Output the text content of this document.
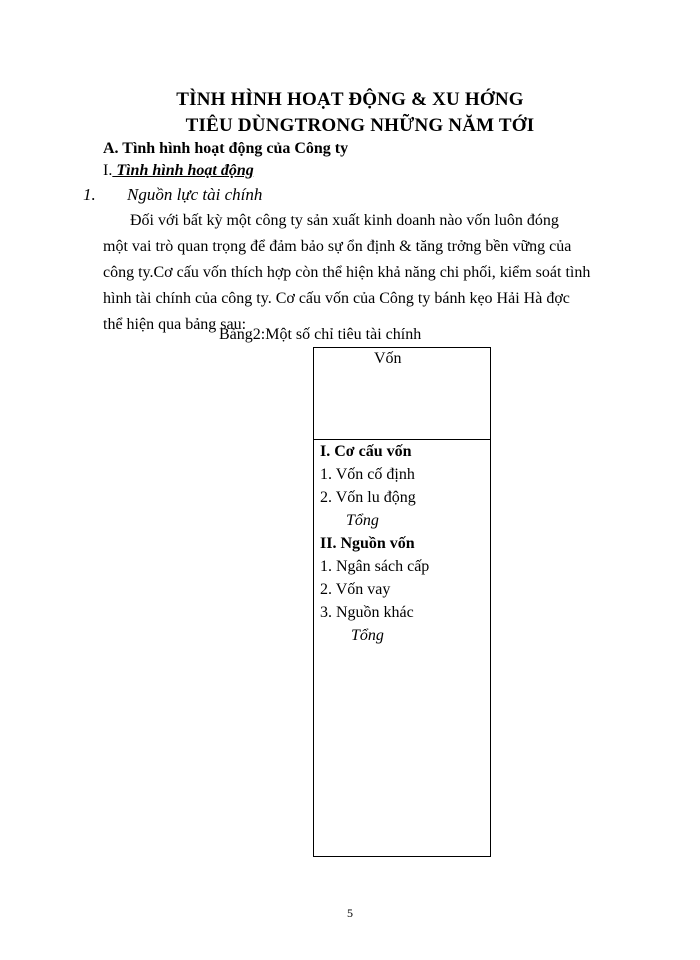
TÌNH HÌNH HOẠT ĐỘNG & XU HỚNG
TIÊU DÙNGTRONG NHỮNG NĂM TỚI
A. Tình hình hoạt động của Công ty
I. Tình hình hoạt động
1. Nguồn lực tài chính
Đối với bất kỳ một công ty sản xuất kinh doanh nào vốn luôn đóng
một vai trò quan trọng để đảm bảo sự ổn định & tăng trởng bền vững của
công ty.Cơ cấu vốn thích hợp còn thể hiện khả năng chi phối, kiểm soát tình
hình tài chính của công ty. Cơ cấu vốn của Công ty bánh kẹo Hải Hà đợc
thể hiện qua bảng sau:
Bảng2:Một số chỉ tiêu tài chính
Vốn
I. Cơ cấu vốn
1. Vốn cố định
2. Vốn lu động
Tổng
II. Nguồn vốn
1. Ngân sách cấp
2. Vốn vay
3. Nguồn khác
Tổng
5
